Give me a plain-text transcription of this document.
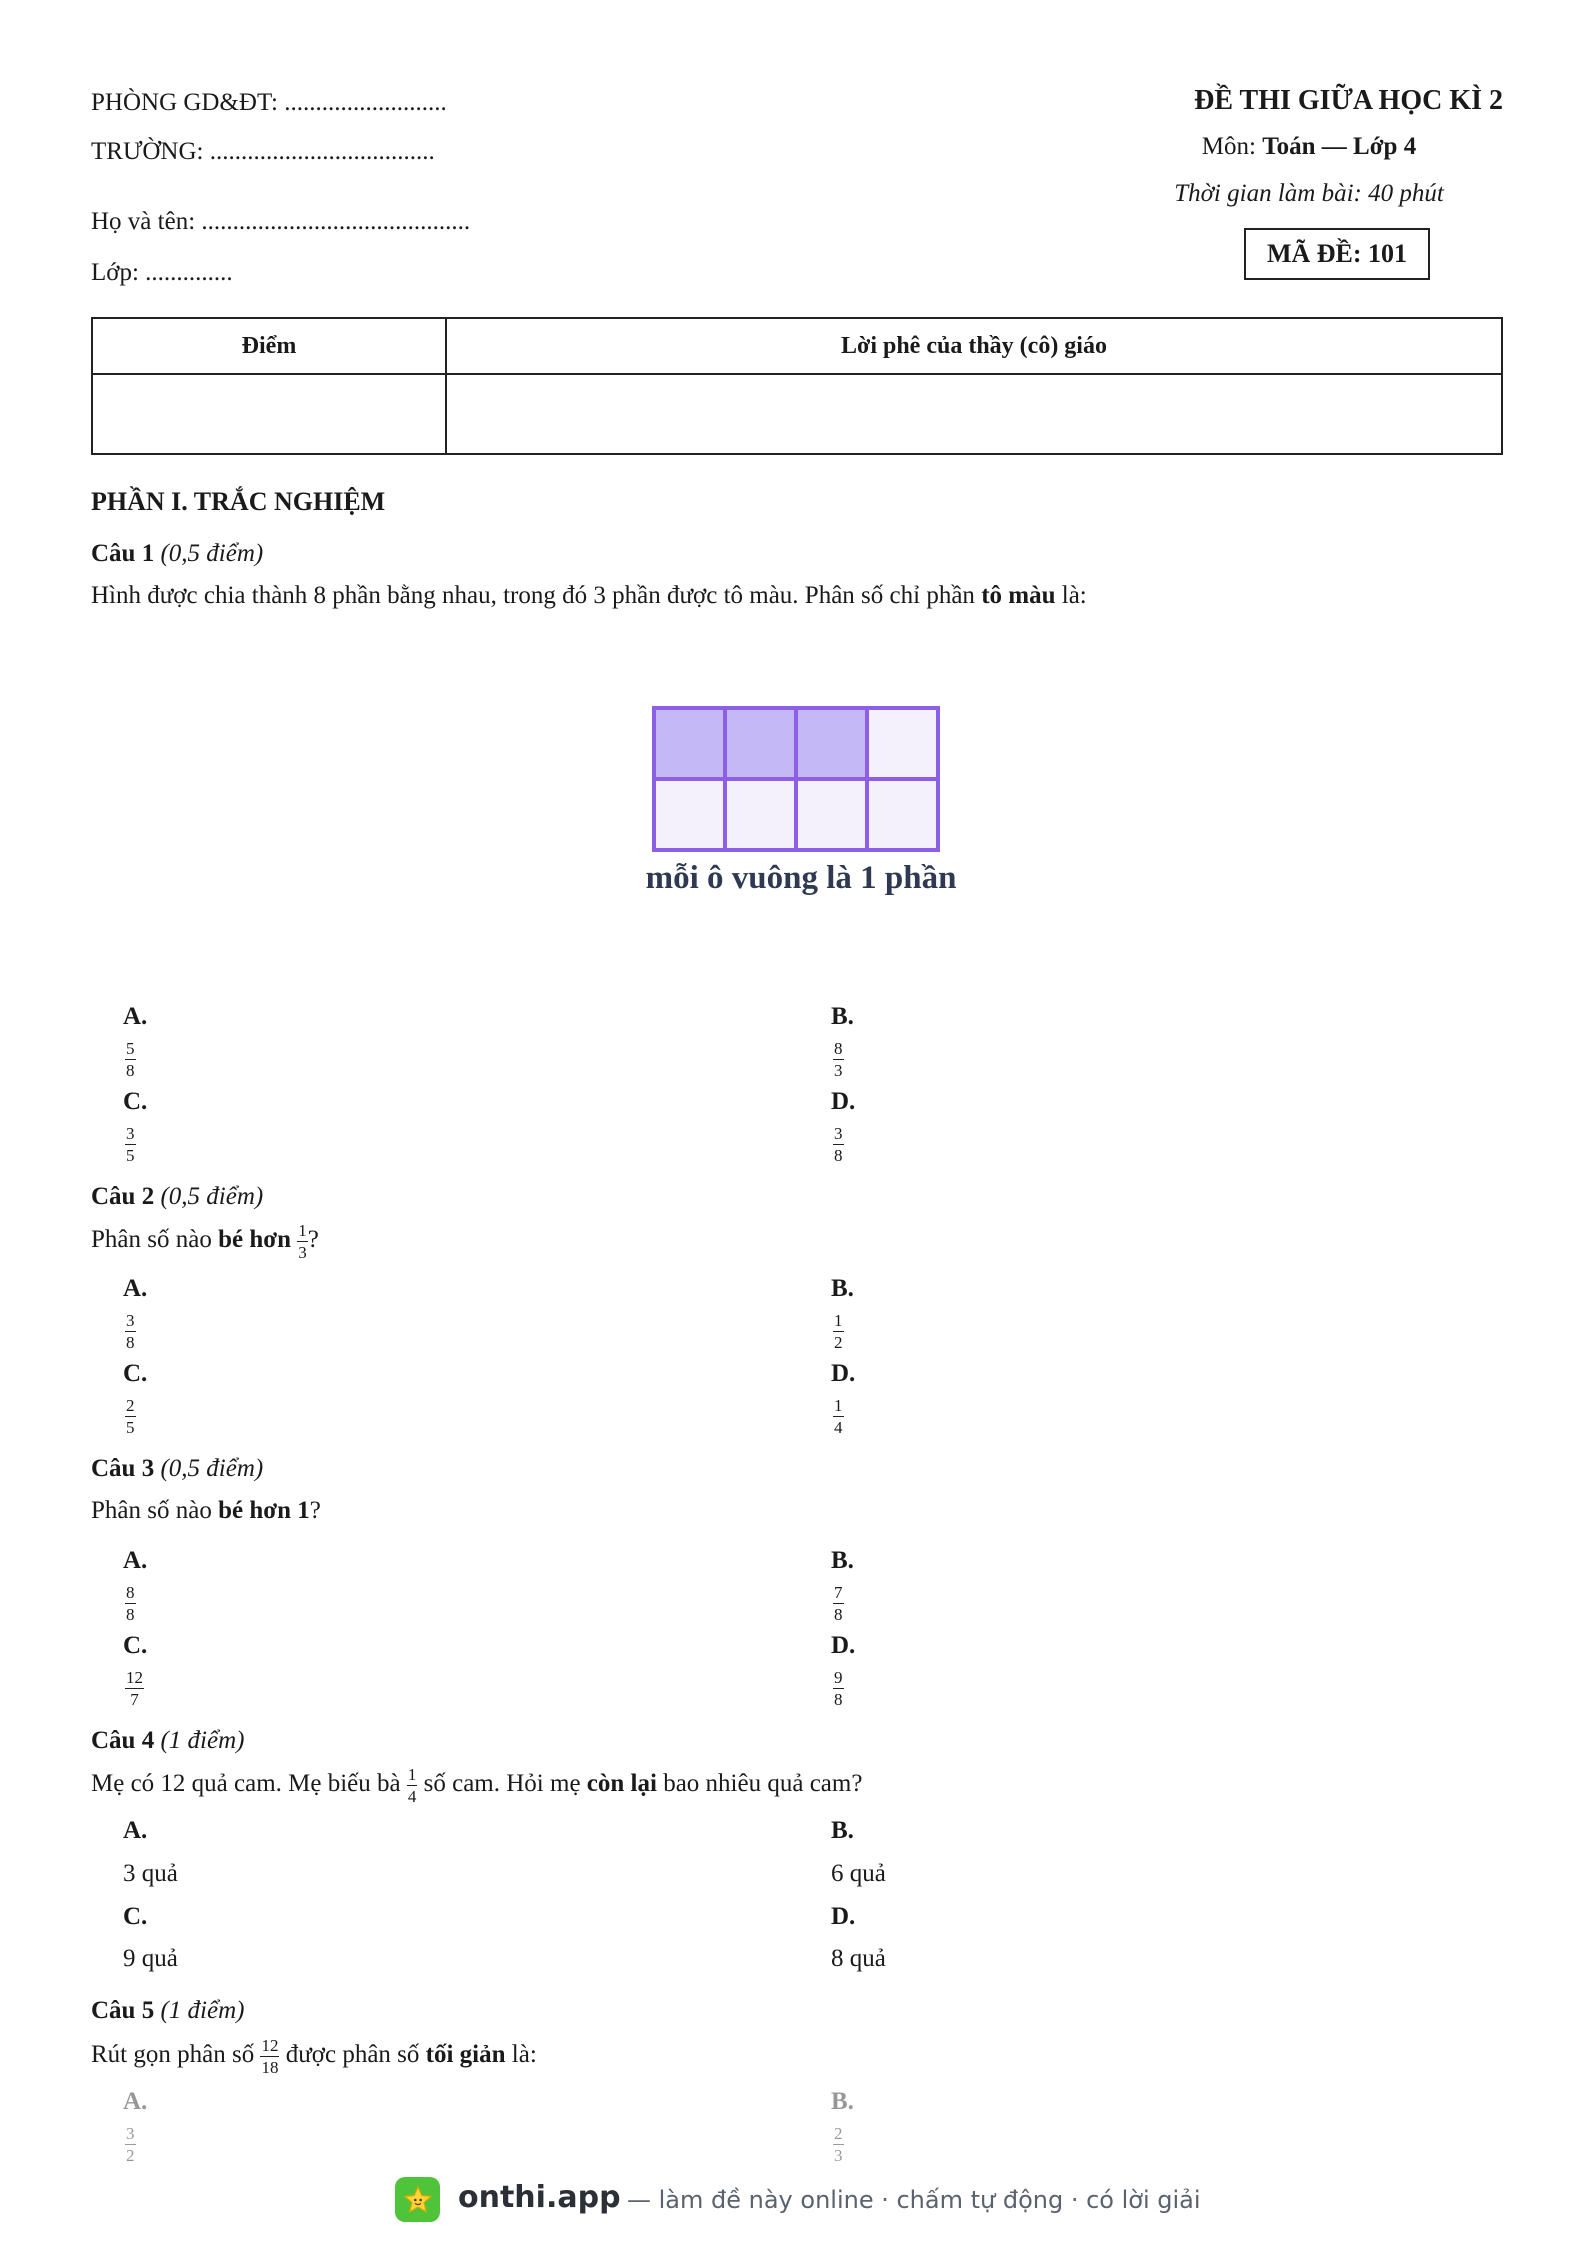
PHÒNG GD&ĐT: ..........................
TRƯỜNG: ....................................
Họ và tên: ...........................................
Lớp: ..............
ĐỀ THI GIỮA HỌC KÌ 2
Môn: Toán — Lớp 4
Thời gian làm bài: 40 phút
MÃ ĐỀ: 101
Điểm	Lời phê của thầy (cô) giáo

PHẦN I. TRẮC NGHIỆM
Câu 1 (0,5 điểm)
Hình được chia thành 8 phần bằng nhau, trong đó 3 phần được tô màu. Phân số chỉ phần tô màu là:
mỗi ô vuông là 1 phần
A.
$\frac{5}{8}$
B.
$\frac{8}{3}$
C.
$\frac{3}{5}$
D.
$\frac{3}{8}$
Câu 2 (0,5 điểm)
Phân số nào bé hơn $\frac{1}{3}$ ?
A.
$\frac{3}{8}$
B.
$\frac{1}{2}$
C.
$\frac{2}{5}$
D.
$\frac{1}{4}$
Câu 3 (0,5 điểm)
Phân số nào bé hơn 1?
A.
$\frac{8}{8}$
B.
$\frac{7}{8}$
C.
$\frac{12}{7}$
D.
$\frac{9}{8}$
Câu 4 (1 điểm)
Mẹ có 12 quả cam. Mẹ biếu bà $\frac{1}{4}$ số cam. Hỏi mẹ còn lại bao nhiêu quả cam?
A.
3 quả
B.
6 quả
C.
9 quả
D.
8 quả
Câu 5 (1 điểm)
Rút gọn phân số $\frac{12}{18}$ được phân số tối giản là:
A.
$\frac{3}{2}$
B.
$\frac{2}{3}$
onthi.app — làm đề này online · chấm tự động · có lời giải
